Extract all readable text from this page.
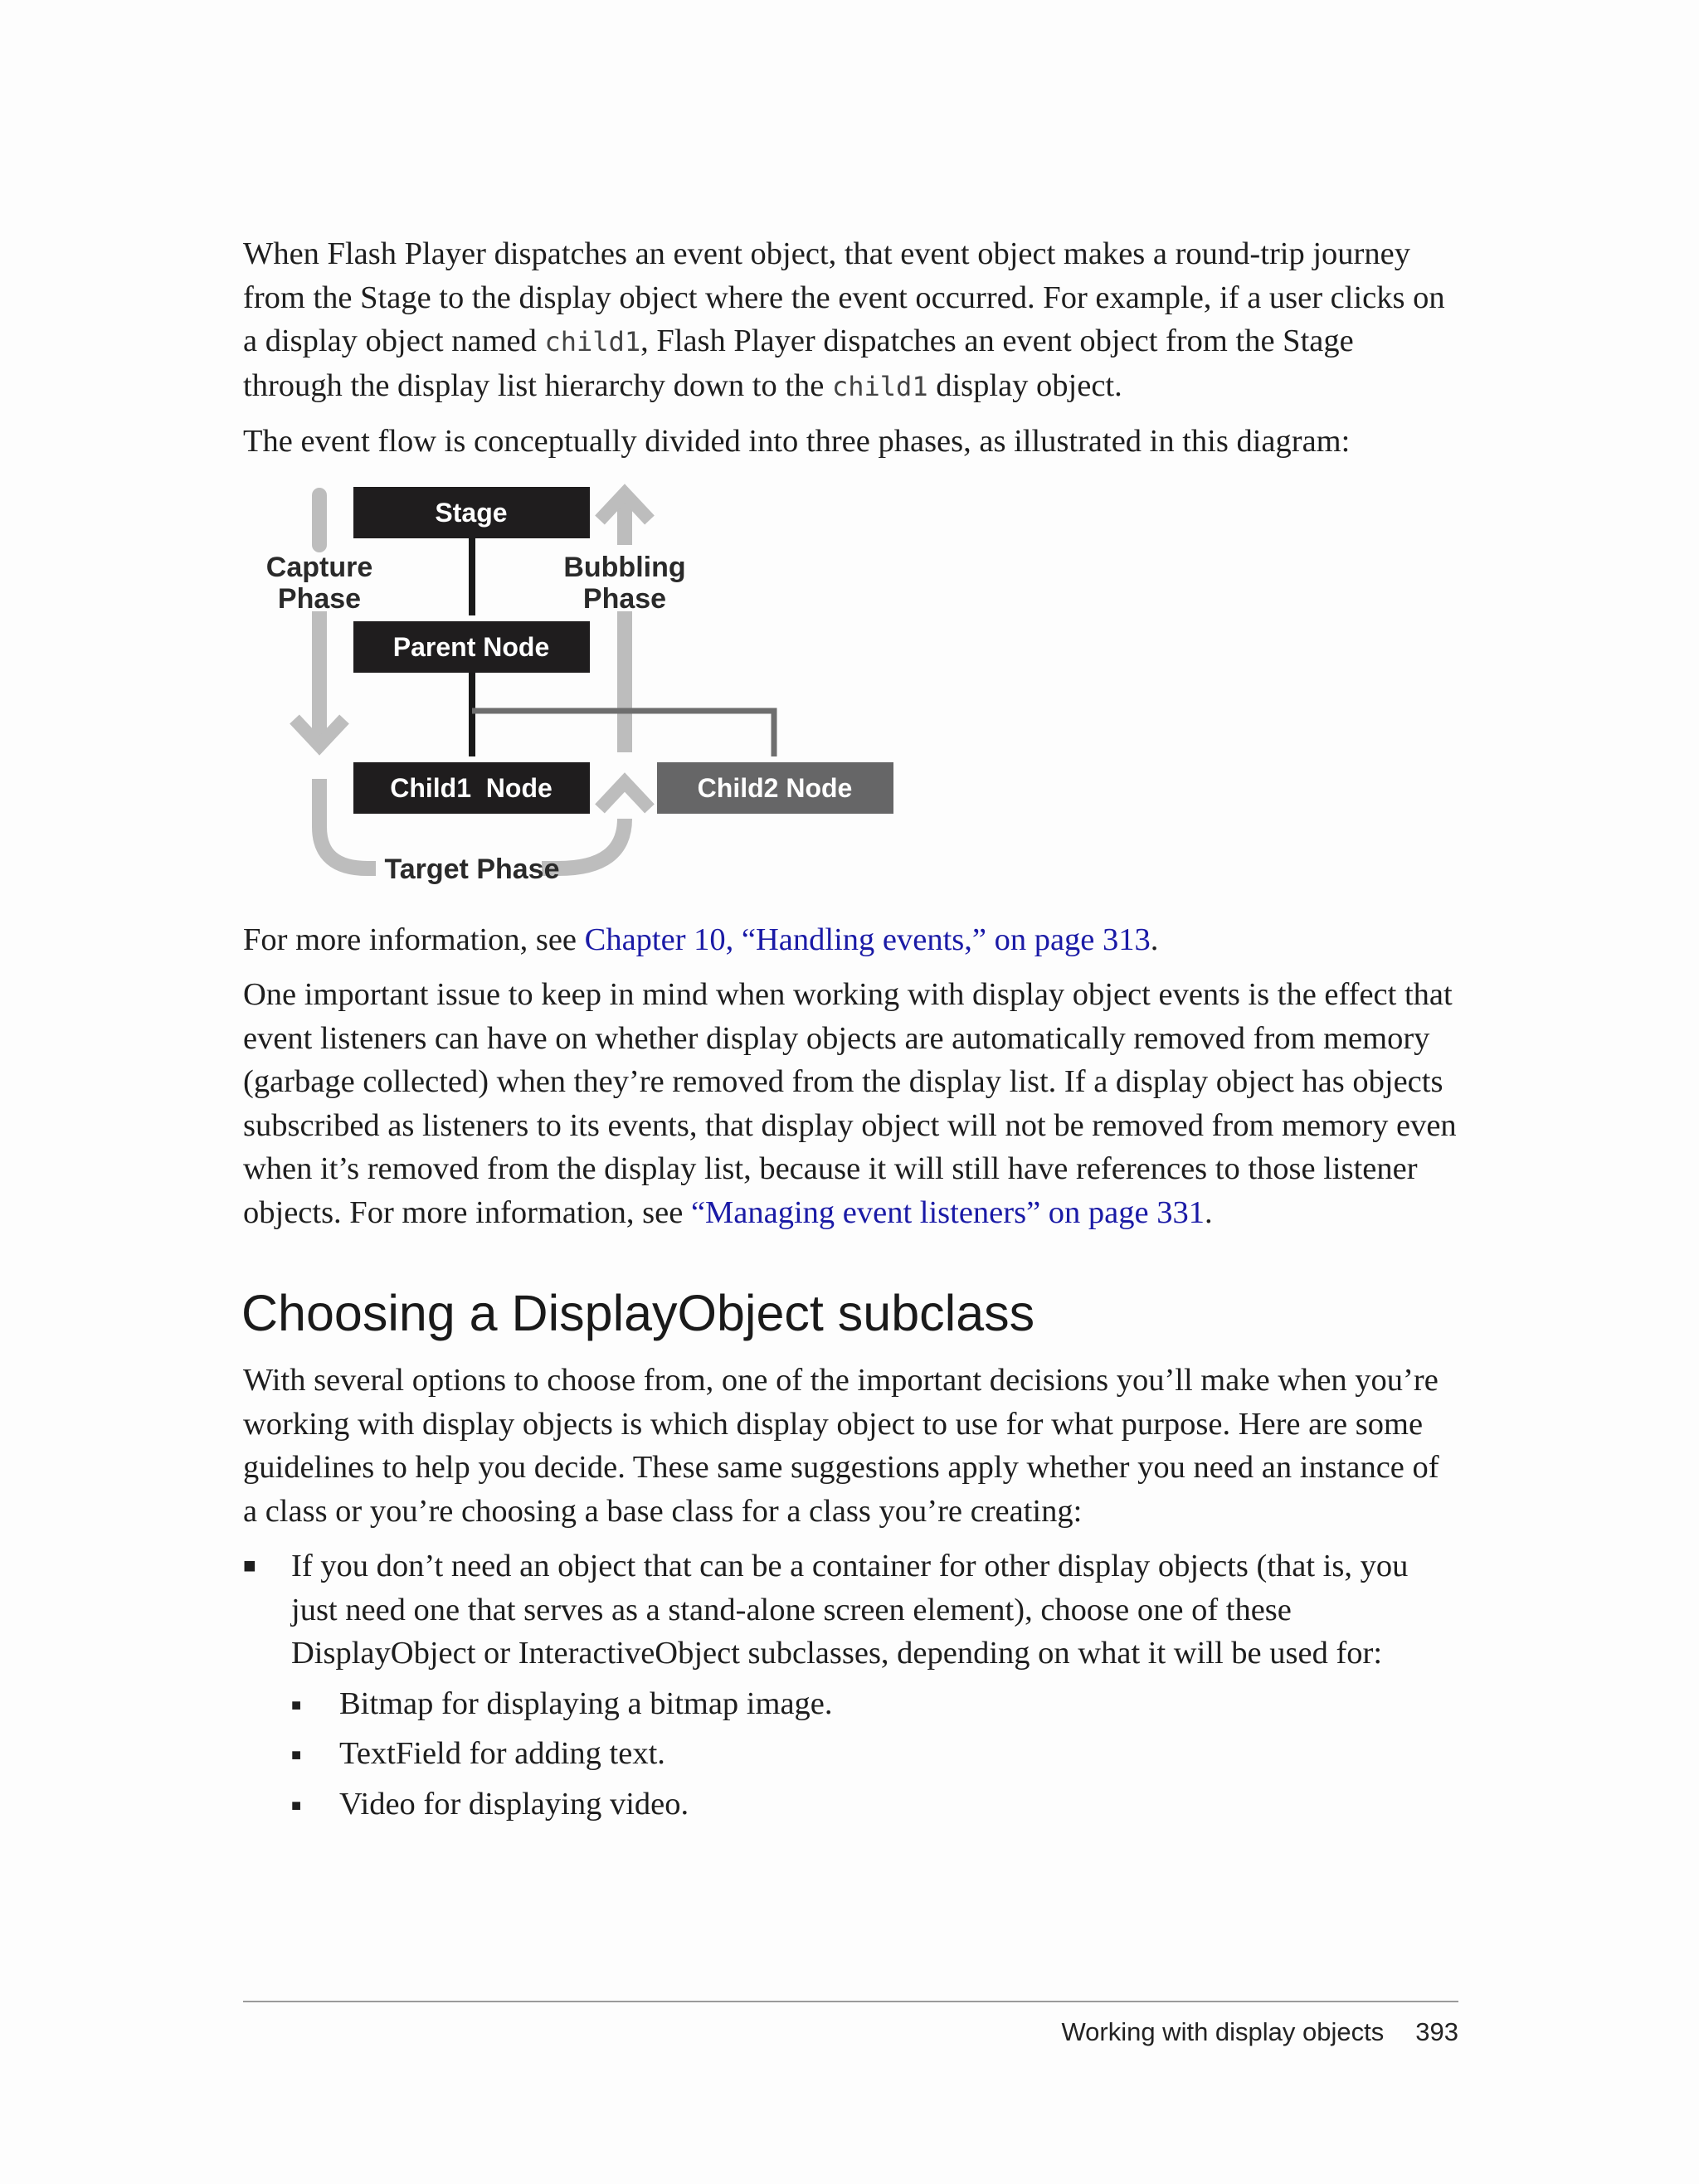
When Flash Player dispatches an event object, that event object makes a round-trip journey from the Stage to the display object where the event occurred. For example, if a user clicks on a display object named child1, Flash Player dispatches an event object from the Stage through the display list hierarchy down to the child1 display object.

The event flow is conceptually divided into three phases, as illustrated in this diagram:

Stage
Parent Node
Child1  Node	Child2 Node
Capture
Phase
Bubbling
Phase
Target Phase

For more information, see Chapter 10, “Handling events,” on page 313.

One important issue to keep in mind when working with display object events is the effect that event listeners can have on whether display objects are automatically removed from memory (garbage collected) when they’re removed from the display list. If a display object has objects subscribed as listeners to its events, that display object will not be removed from memory even when it’s removed from the display list, because it will still have references to those listener objects. For more information, see “Managing event listeners” on page 331.

Choosing a DisplayObject subclass

With several options to choose from, one of the important decisions you’ll make when you’re working with display objects is which display object to use for what purpose. Here are some guidelines to help you decide. These same suggestions apply whether you need an instance of a class or you’re choosing a base class for a class you’re creating:

■ If you don’t need an object that can be a container for other display objects (that is, you just need one that serves as a stand-alone screen element), choose one of these DisplayObject or InteractiveObject subclasses, depending on what it will be used for:
■ Bitmap for displaying a bitmap image.
■ TextField for adding text.
■ Video for displaying video.
Working with display objects 393
